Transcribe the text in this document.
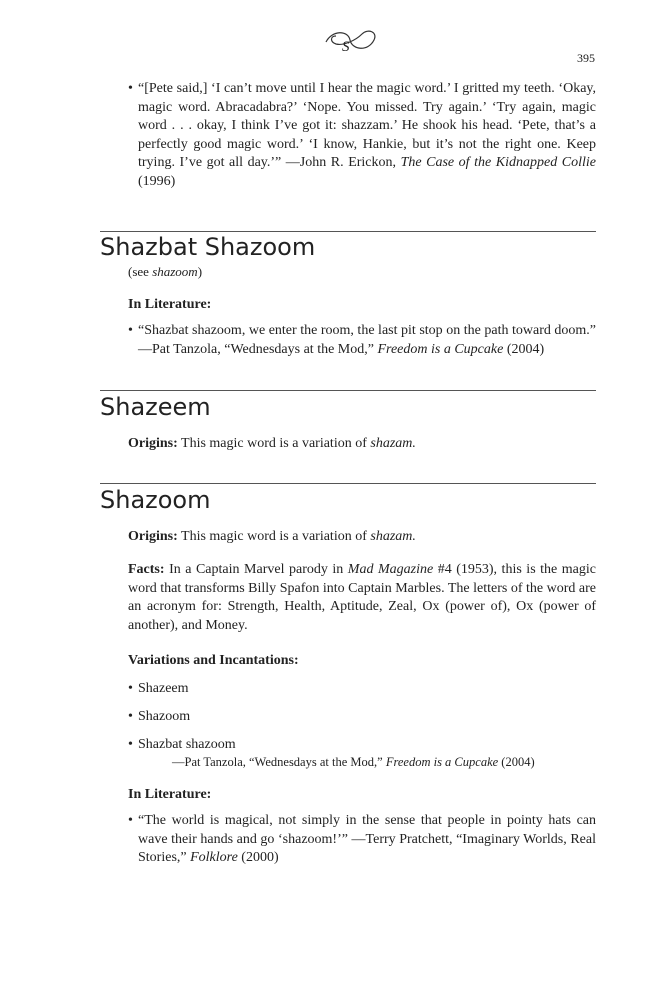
S
395
• “[Pete said,] ‘I can’t move until I hear the magic word.’ I gritted my teeth. ‘Okay, magic word. Abracadabra?’ ‘Nope. You missed. Try again.’ ‘Try again, magic word . . . okay, I think I’ve got it: shazzam.’ He shook his head. ‘Pete, that’s a perfectly good magic word.’ ‘I know, Hankie, but it’s not the right one. Keep trying. I’ve got all day.’” —John R. Erickon, The Case of the Kidnapped Collie (1996)
Shazbat Shazoom
(see shazoom)
In Literature:
• “Shazbat shazoom, we enter the room, the last pit stop on the path toward doom.” —Pat Tanzola, “Wednesdays at the Mod,” Freedom is a Cupcake (2004)
Shazeem

Origins: This magic word is a variation of shazam.

Shazoom

Origins: This magic word is a variation of shazam.

Facts: In a Captain Marvel parody in Mad Magazine #4 (1953), this is the magic word that transforms Billy Spafon into Captain Marbles. The letters of the word are an acronym for: Strength, Health, Aptitude, Zeal, Ox (power of), Ox (power of another), and Money.

Variations and Incantations:
• Shazeem
• Shazoom
• Shazbat shazoom
—Pat Tanzola, “Wednesdays at the Mod,” Freedom is a Cupcake (2004)
In Literature:
• “The world is magical, not simply in the sense that people in pointy hats can wave their hands and go ‘shazoom!’” —Terry Pratchett, “Imaginary Worlds, Real Stories,” Folklore (2000)
